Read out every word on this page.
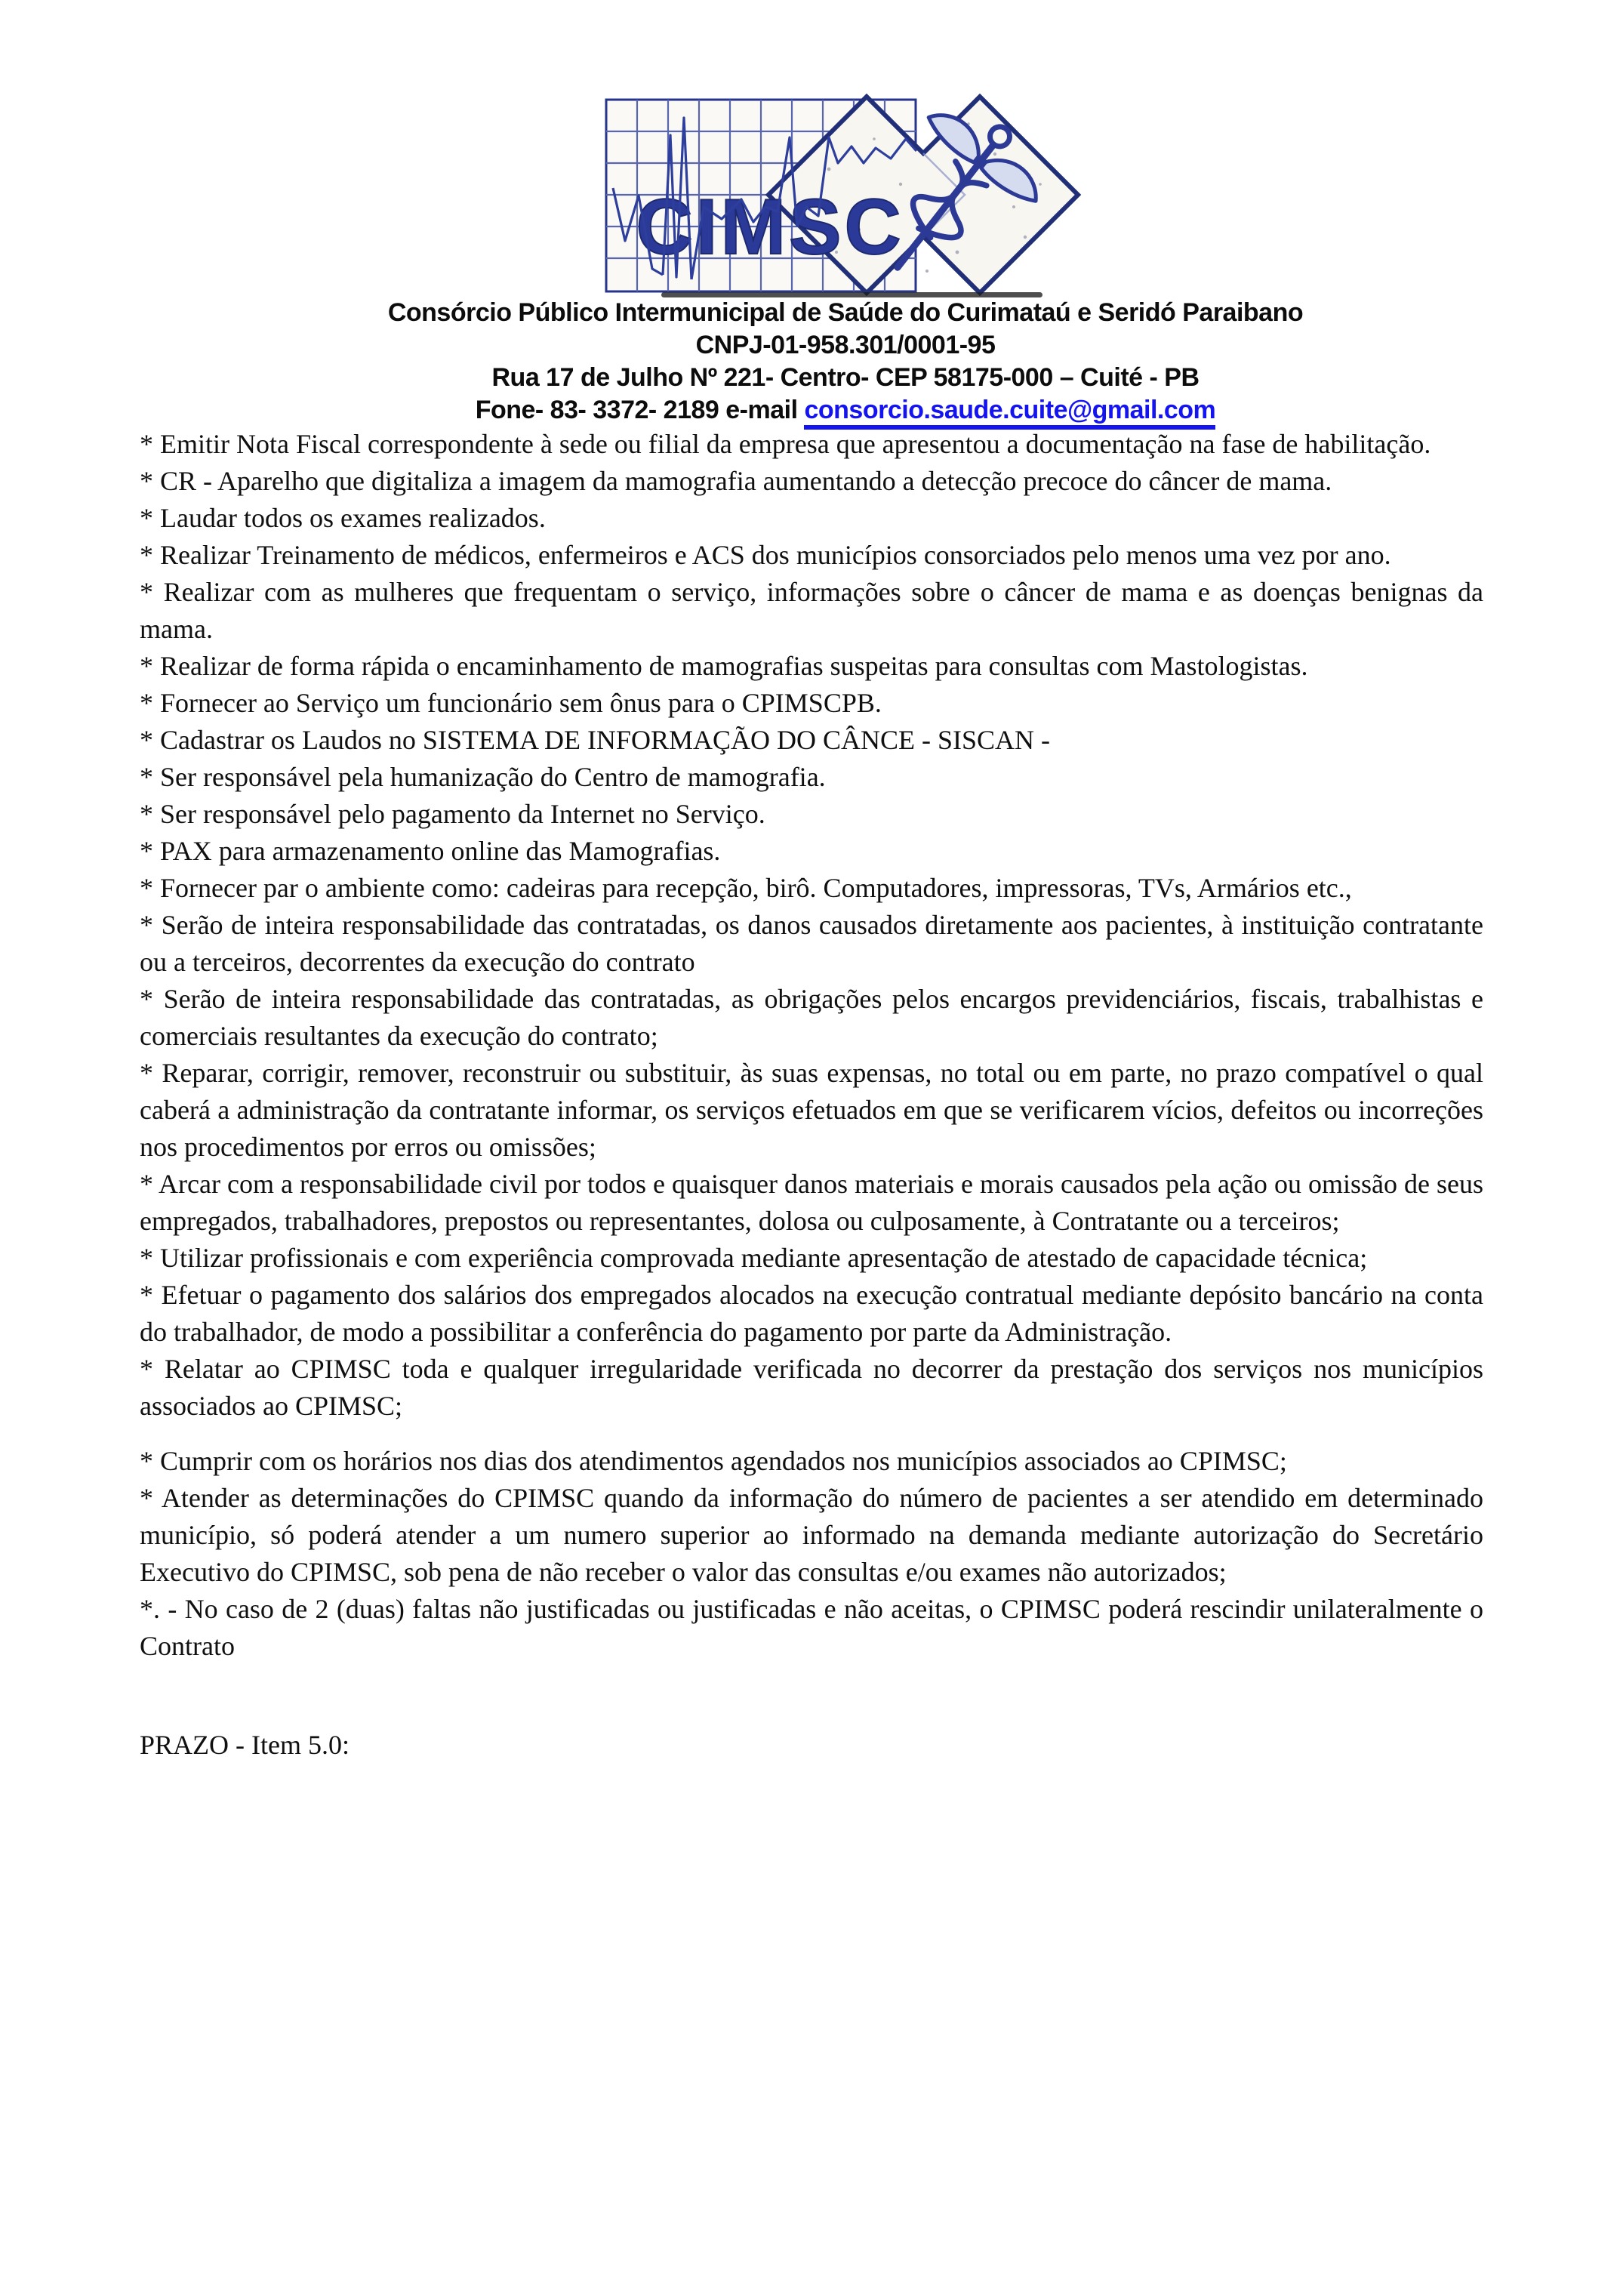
CIMSC
Consórcio Público Intermunicipal de Saúde do Curimataú e Seridó Paraibano
CNPJ-01-958.301/0001-95
Rua 17 de Julho Nº 221- Centro- CEP 58175-000 – Cuité - PB
Fone- 83- 3372- 2189 e-mail consorcio.saude.cuite@gmail.com

* Emitir Nota Fiscal correspondente à sede ou filial da empresa que apresentou a documentação na fase de habilitação.

* CR - Aparelho que digitaliza a imagem da mamografia aumentando a detecção precoce do câncer de mama.

* Laudar todos os exames realizados.

* Realizar Treinamento de médicos, enfermeiros e ACS dos municípios consorciados pelo menos uma vez por ano.

* Realizar com as mulheres que frequentam o serviço, informações sobre o câncer de mama e as doenças benignas da mama.

* Realizar de forma rápida o encaminhamento de mamografias suspeitas para consultas com Mastologistas.

* Fornecer ao Serviço um funcionário sem ônus para o CPIMSCPB.

* Cadastrar os Laudos no SISTEMA DE INFORMAÇÃO DO CÂNCE - SISCAN -

* Ser responsável pela humanização do Centro de mamografia.

* Ser responsável pelo pagamento da Internet no Serviço.

* PAX para armazenamento online das Mamografias.

* Fornecer par o ambiente como: cadeiras para recepção, birô. Computadores, impressoras, TVs, Armários etc.,

* Serão de inteira responsabilidade das contratadas, os danos causados diretamente aos pacientes, à instituição contratante ou a terceiros, decorrentes da execução do contrato

* Serão de inteira responsabilidade das contratadas, as obrigações pelos encargos previdenciários, fiscais, trabalhistas e comerciais resultantes da execução do contrato;

* Reparar, corrigir, remover, reconstruir ou substituir, às suas expensas, no total ou em parte, no prazo compatível o qual caberá a administração da contratante informar, os serviços efetuados em que se verificarem vícios, defeitos ou incorreções nos procedimentos por erros ou omissões;

* Arcar com a responsabilidade civil por todos e quaisquer danos materiais e morais causados pela ação ou omissão de seus empregados, trabalhadores, prepostos ou representantes, dolosa ou culposamente, à Contratante ou a terceiros;

* Utilizar profissionais e com experiência comprovada mediante apresentação de atestado de capacidade técnica;

* Efetuar o pagamento dos salários dos empregados alocados na execução contratual mediante depósito bancário na conta do trabalhador, de modo a possibilitar a conferência do pagamento por parte da Administração.

* Relatar ao CPIMSC toda e qualquer irregularidade verificada no decorrer da prestação dos serviços nos municípios associados ao CPIMSC;

* Cumprir com os horários nos dias dos atendimentos agendados nos municípios associados ao CPIMSC;

* Atender as determinações do CPIMSC quando da informação do número de pacientes a ser atendido em determinado município, só poderá atender a um numero superior ao informado na demanda mediante autorização do Secretário Executivo do CPIMSC, sob pena de não receber o valor das consultas e/ou exames não autorizados;

*. - No caso de 2 (duas) faltas não justificadas ou justificadas e não aceitas, o CPIMSC poderá rescindir unilateralmente o Contrato

PRAZO - Item 5.0:
